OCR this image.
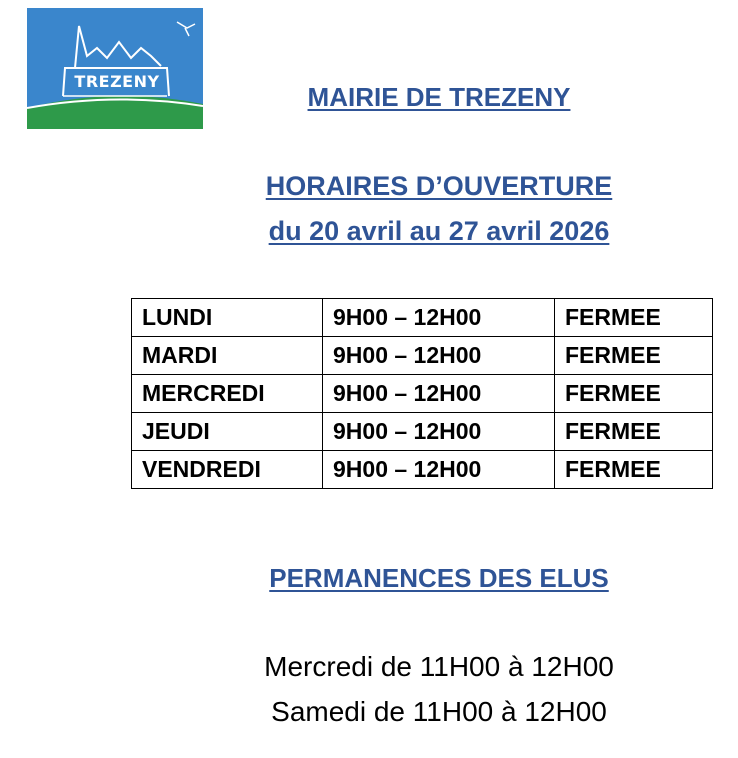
TREZENY
MAIRIE DE TREZENY
HORAIRES D’OUVERTURE
du 20 avril au 27 avril 2026
LUNDI	9H00 – 12H00	FERMEE
MARDI	9H00 – 12H00	FERMEE
MERCREDI	9H00 – 12H00	FERMEE
JEUDI	9H00 – 12H00	FERMEE
VENDREDI	9H00 – 12H00	FERMEE
PERMANENCES DES ELUS
Mercredi de 11H00 à 12H00
Samedi de 11H00 à 12H00
